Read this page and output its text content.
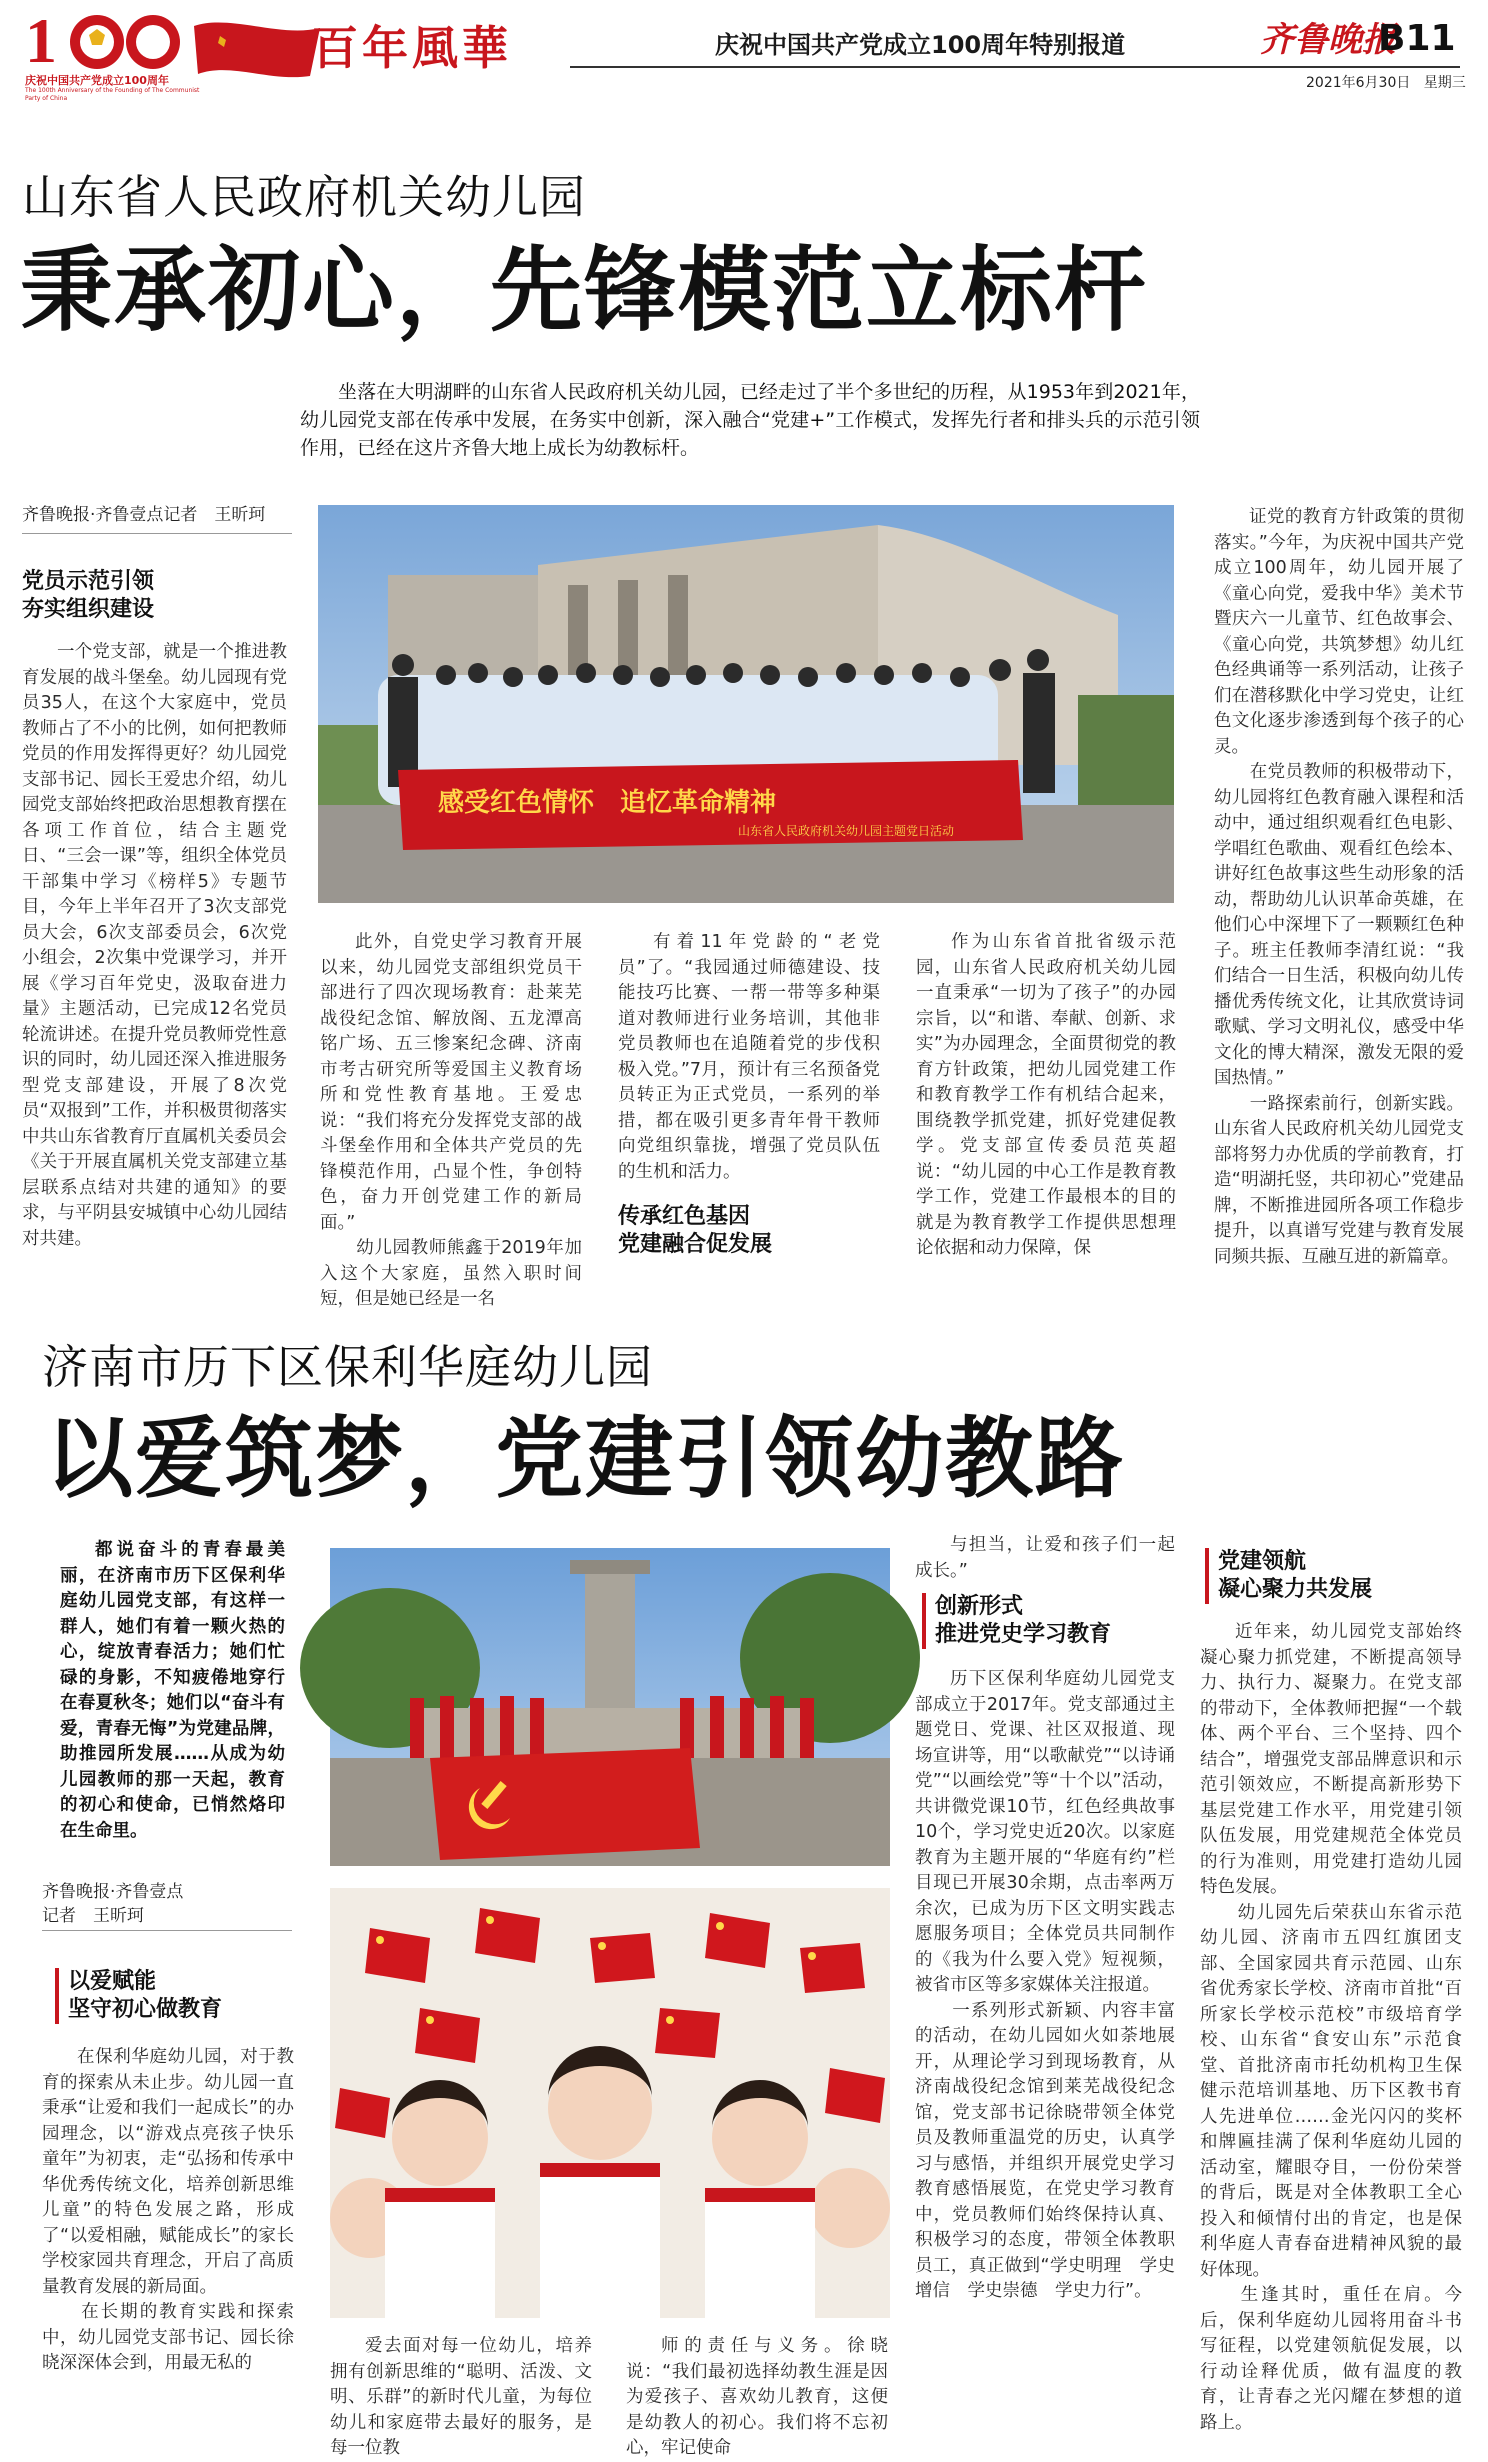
1
庆祝中国共产党成立100周年
The 100th Anniversary of the Founding of The Communist Party of China
百年風華	庆祝中国共产党成立100周年特别报道	齐鲁晚报
B11
2021年6月30日 星期三
山东省人民政府机关幼儿园
秉承初心，先锋模范立标杆
坐落在大明湖畔的山东省人民政府机关幼儿园，已经走过了半个多世纪的历程，从1953年到2021年，幼儿园党支部在传承中发展，在务实中创新，深入融合“党建+”工作模式，发挥先行者和排头兵的示范引领作用，已经在这片齐鲁大地上成长为幼教标杆。
齐鲁晚报·齐鲁壹点记者　王昕珂
党员示范引领
夯实组织建设
一个党支部，就是一个推进教育发展的战斗堡垒。幼儿园现有党员35人，在这个大家庭中，党员教师占了不小的比例，如何把教师党员的作用发挥得更好？幼儿园党支部书记、园长王爱忠介绍，幼儿园党支部始终把政治思想教育摆在各项工作首位，结合主题党日、“三会一课”等，组织全体党员干部集中学习《榜样5》专题节目，今年上半年召开了3次支部党员大会，6次支部委员会，6次党小组会，2次集中党课学习，并开展《学习百年党史，汲取奋进力量》主题活动，已完成12名党员轮流讲述。在提升党员教师党性意识的同时，幼儿园还深入推进服务型党支部建设，开展了8次党员“双报到”工作，并积极贯彻落实中共山东省教育厅直属机关委员会《关于开展直属机关党支部建立基层联系点结对共建的通知》的要求，与平阴县安城镇中心幼儿园结对共建。
感受红色情怀　追忆革命精神
山东省人民政府机关幼儿园主题党日活动
此外，自党史学习教育开展以来，幼儿园党支部组织党员干部进行了四次现场教育：赴莱芜战役纪念馆、解放阁、五龙潭高铭广场、五三惨案纪念碑、济南市考古研究所等爱国主义教育场所和党性教育基地。王爱忠说：“我们将充分发挥党支部的战斗堡垒作用和全体共产党员的先锋模范作用，凸显个性，争创特色，奋力开创党建工作的新局面。”
　　幼儿园教师熊鑫于2019年加入这个大家庭，虽然入职时间短，但是她已经是一名
有着11年党龄的“老党员”了。“我园通过师德建设、技能技巧比赛、一帮一带等多种渠道对教师进行业务培训，其他非党员教师也在追随着党的步伐积极入党。”7月，预计有三名预备党员转正为正式党员，一系列的举措，都在吸引更多青年骨干教师向党组织靠拢，增强了党员队伍的生机和活力。
传承红色基因
党建融合促发展
作为山东省首批省级示范园，山东省人民政府机关幼儿园一直秉承“一切为了孩子”的办园宗旨，以“和谐、奉献、创新、求实”为办园理念，全面贯彻党的教育方针政策，把幼儿园党建工作和教育教学工作有机结合起来，围绕教学抓党建，抓好党建促教学。党支部宣传委员范英超说：“幼儿园的中心工作是教育教学工作，党建工作最根本的目的就是为教育教学工作提供思想理论依据和动力保障，保
证党的教育方针政策的贯彻落实。”今年，为庆祝中国共产党成立100周年，幼儿园开展了《童心向党，爱我中华》美术节暨庆六一儿童节、红色故事会、《童心向党，共筑梦想》幼儿红色经典诵等一系列活动，让孩子们在潜移默化中学习党史，让红色文化逐步渗透到每个孩子的心灵。
　　在党员教师的积极带动下，幼儿园将红色教育融入课程和活动中，通过组织观看红色电影、学唱红色歌曲、观看红色绘本、讲好红色故事这些生动形象的活动，帮助幼儿认识革命英雄，在他们心中深埋下了一颗颗红色种子。班主任教师李清红说：“我们结合一日生活，积极向幼儿传播优秀传统文化，让其欣赏诗词歌赋、学习文明礼仪，感受中华文化的博大精深，激发无限的爱国热情。”
　　一路探索前行，创新实践。山东省人民政府机关幼儿园党支部将努力办优质的学前教育，打造“明湖托竖，共印初心”党建品牌，不断推进园所各项工作稳步提升，以真谱写党建与教育发展同频共振、互融互进的新篇章。
济南市历下区保利华庭幼儿园
以爱筑梦，党建引领幼教路
都说奋斗的青春最美丽，在济南市历下区保利华庭幼儿园党支部，有这样一群人，她们有着一颗火热的心，绽放青春活力；她们忙碌的身影，不知疲倦地穿行在春夏秋冬；她们以“奋斗有爱，青春无悔”为党建品牌，助推园所发展……从成为幼儿园教师的那一天起，教育的初心和使命，已悄然烙印在生命里。
齐鲁晚报·齐鲁壹点
记者　王昕珂
以爱赋能
坚守初心做教育
在保利华庭幼儿园，对于教育的探索从未止步。幼儿园一直秉承“让爱和我们一起成长”的办园理念，以“游戏点亮孩子快乐童年”为初衷，走“弘扬和传承中华优秀传统文化，培养创新思维儿童”的特色发展之路，形成了“以爱相融，赋能成长”的家长学校家园共育理念，开启了高质量教育发展的新局面。
　　在长期的教育实践和探索中，幼儿园党支部书记、园长徐晓深深体会到，用最无私的
爱去面对每一位幼儿，培养拥有创新思维的“聪明、活泼、文明、乐群”的新时代儿童，为每位幼儿和家庭带去最好的服务，是每一位教
师的责任与义务。徐晓说：“我们最初选择幼教生涯是因为爱孩子、喜欢幼儿教育，这便是幼教人的初心。我们将不忘初心，牢记使命
与担当，让爱和孩子们一起成长。”
创新形式
推进党史学习教育
历下区保利华庭幼儿园党支部成立于2017年。党支部通过主题党日、党课、社区双报道、现场宣讲等，用“以歌献党”“以诗诵党”“以画绘党”等“十个以”活动，共讲微党课10节，红色经典故事10个，学习党史近20次。以家庭教育为主题开展的“华庭有约”栏目现已开展30余期，点击率两万余次，已成为历下区文明实践志愿服务项目；全体党员共同制作的《我为什么要入党》短视频，被省市区等多家媒体关注报道。
　　一系列形式新颖、内容丰富的活动，在幼儿园如火如荼地展开，从理论学习到现场教育，从济南战役纪念馆到莱芜战役纪念馆，党支部书记徐晓带领全体党员及教师重温党的历史，认真学习与感悟，并组织开展党史学习教育感悟展览，在党史学习教育中，党员教师们始终保持认真、积极学习的态度，带领全体教职员工，真正做到“学史明理　学史增信　学史崇德　学史力行”。
党建领航
凝心聚力共发展
近年来，幼儿园党支部始终凝心聚力抓党建，不断提高领导力、执行力、凝聚力。在党支部的带动下，全体教师把握“一个载体、两个平台、三个坚持、四个结合”，增强党支部品牌意识和示范引领效应，不断提高新形势下基层党建工作水平，用党建引领队伍发展，用党建规范全体党员的行为准则，用党建打造幼儿园特色发展。
　　幼儿园先后荣获山东省示范幼儿园、济南市五四红旗团支部、全国家园共育示范园、山东省优秀家长学校、济南市首批“百所家长学校示范校”市级培育学校、山东省“食安山东”示范食堂、首批济南市托幼机构卫生保健示范培训基地、历下区教书育人先进单位……金光闪闪的奖杯和牌匾挂满了保利华庭幼儿园的活动室，耀眼夺目，一份份荣誉的背后，既是对全体教职工全心投入和倾情付出的肯定，也是保利华庭人青春奋进精神风貌的最好体现。
　　生逢其时，重任在肩。今后，保利华庭幼儿园将用奋斗书写征程，以党建领航促发展，以行动诠释优质，做有温度的教育，让青春之光闪耀在梦想的道路上。
